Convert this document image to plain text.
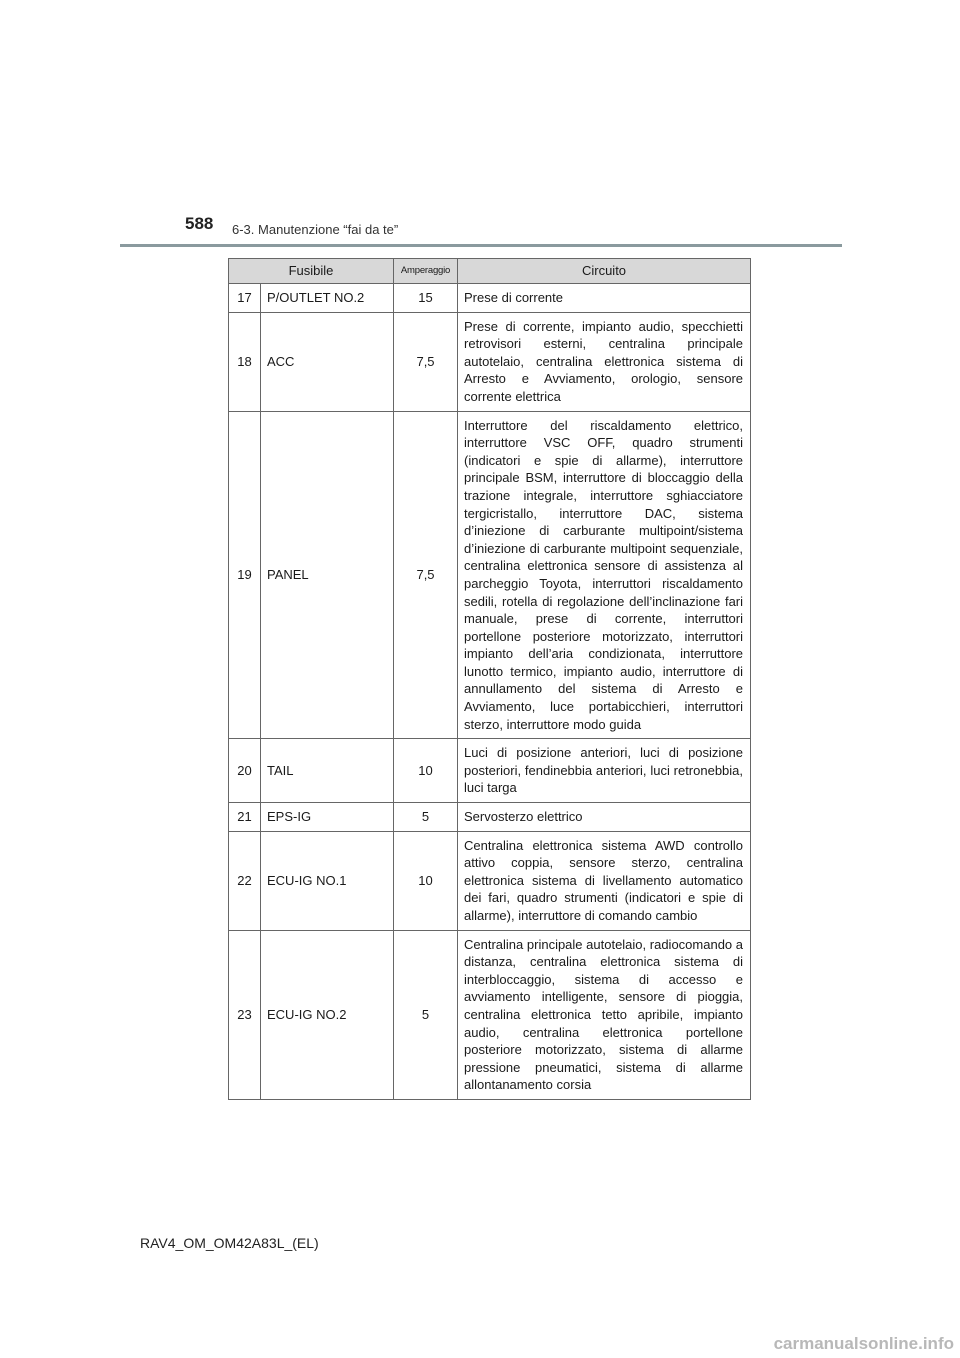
588 6-3. Manutenzione “fai da te”
Fusibile		Amperaggio	Circuito
17	P/OUTLET NO.2	15	Prese di corrente
18	ACC	7,5	Prese di corrente, impianto audio, specchietti retrovisori esterni, centralina principale autotelaio, centralina elettronica sistema di Arresto e Avviamento, orologio, sensore corrente elettrica
19	PANEL	7,5	Interruttore del riscaldamento elettrico, interruttore VSC OFF, quadro strumenti (indicatori e spie di allarme), interruttore principale BSM, interruttore di bloccaggio della trazione integrale, interruttore sghiacciatore tergicristallo, interruttore DAC, sistema d’iniezione di carburante multipoint/sistema d’iniezione di carburante multipoint sequenziale, centralina elettronica sensore di assistenza al parcheggio Toyota, interruttori riscaldamento sedili, rotella di regolazione dell’inclinazione fari manuale, prese di corrente, interruttori portellone posteriore motorizzato, interruttori impianto dell’aria condizionata, interruttore lunotto termico, impianto audio, interruttore di annullamento del sistema di Arresto e Avviamento, luce portabicchieri, interruttori sterzo, interruttore modo guida
20	TAIL	10	Luci di posizione anteriori, luci di posizione posteriori, fendinebbia anteriori, luci retronebbia, luci targa
21	EPS-IG	5	Servosterzo elettrico
22	ECU-IG NO.1	10	Centralina elettronica sistema AWD controllo attivo coppia, sensore sterzo, centralina elettronica sistema di livellamento automatico dei fari, quadro strumenti (indicatori e spie di allarme), interruttore di comando cambio
23	ECU-IG NO.2	5	Centralina principale autotelaio, radiocomando a distanza, centralina elettronica sistema di interbloccaggio, sistema di accesso e avviamento intelligente, sensore di pioggia, centralina elettronica tetto apribile, impianto audio, centralina elettronica portellone posteriore motorizzato, sistema di allarme pressione pneumatici, sistema di allarme allontanamento corsia
RAV4_OM_OM42A83L_(EL)
carmanualsonline.info
